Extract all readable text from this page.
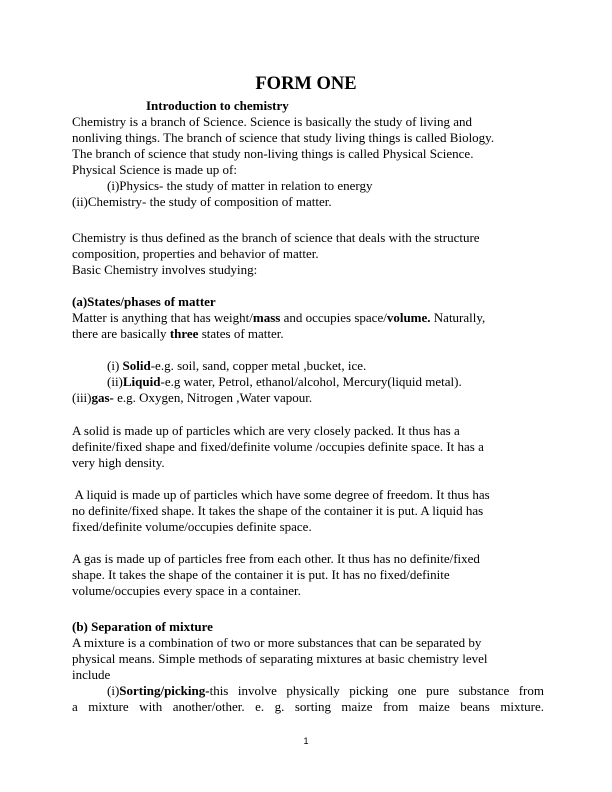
FORM ONE
Introduction to chemistry
Chemistry is a branch of Science. Science is basically the study of living and
nonliving things. The branch of science that study living things is called Biology.
The branch of science that study non-living things is called Physical Science.
Physical Science is made up of:
(i)Physics- the study of matter in relation to energy
(ii)Chemistry- the study of composition of matter.
Chemistry is thus defined as the branch of science that deals with the structure
composition, properties and behavior of matter.
Basic Chemistry involves studying:
(a)States/phases of matter
Matter is anything that has weight/mass and occupies space/volume. Naturally,
there are basically three states of matter.
(i) Solid-e.g. soil, sand, copper metal ,bucket, ice.
(ii)Liquid-e.g water, Petrol, ethanol/alcohol, Mercury(liquid metal).
(iii)gas- e.g. Oxygen, Nitrogen ,Water vapour.
A solid is made up of particles which are very closely packed. It thus has a
definite/fixed shape and fixed/definite volume /occupies definite space. It has a
very high density.
A liquid is made up of particles which have some degree of freedom. It thus has
no definite/fixed shape. It takes the shape of the container it is put. A liquid has
fixed/definite volume/occupies definite space.
A gas is made up of particles free from each other. It thus has no definite/fixed
shape. It takes the shape of the container it is put. It has no fixed/definite
volume/occupies every space in a container.
(b) Separation of mixture
A mixture is a combination of two or more substances that can be separated by
physical means. Simple methods of separating mixtures at basic chemistry level
include
(i)Sorting/picking-this involve physically picking one pure substance from
a mixture with another/other. e. g. sorting maize from maize beans mixture.
1
